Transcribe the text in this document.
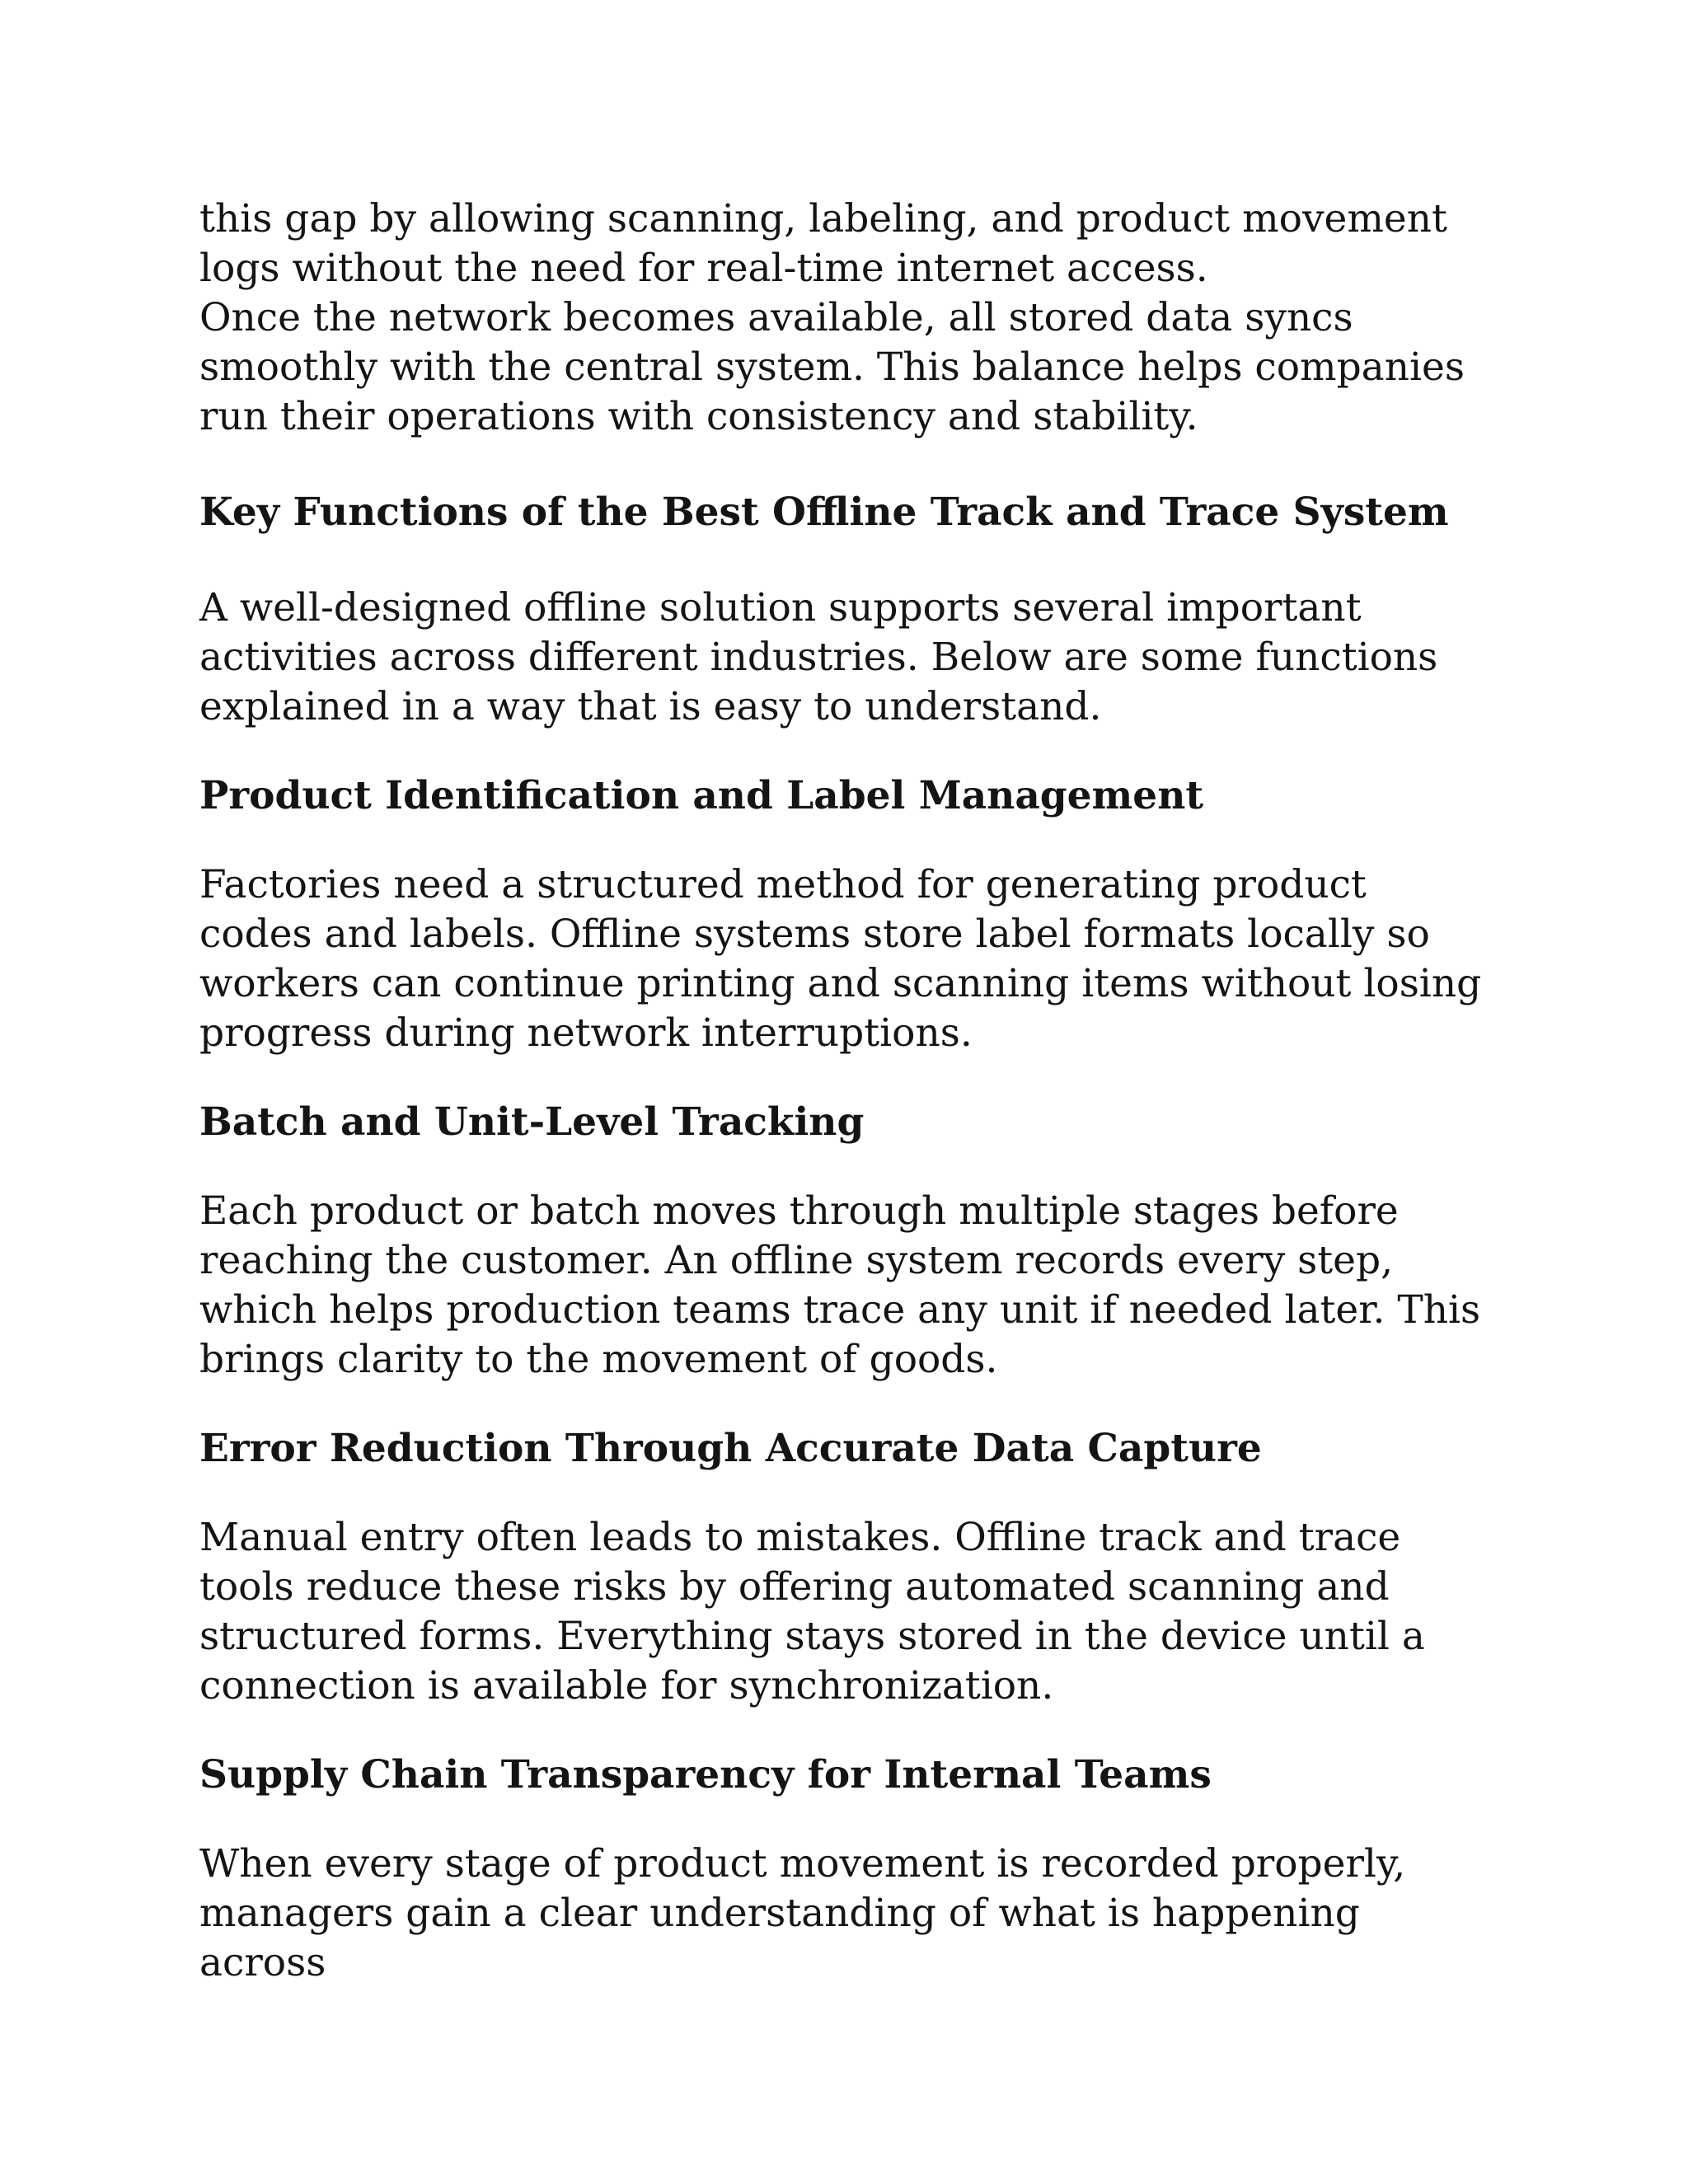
this gap by allowing scanning, labeling, and product movement logs without the need for real-time internet access.

Once the network becomes available, all stored data syncs smoothly with the central system. This balance helps companies run their operations with consistency and stability.

Key Functions of the Best Offline Track and Trace System

A well-designed offline solution supports several important activities across different industries. Below are some functions explained in a way that is easy to understand.

Product Identification and Label Management

Factories need a structured method for generating product codes and labels. Offline systems store label formats locally so workers can continue printing and scanning items without losing progress during network interruptions.

Batch and Unit-Level Tracking

Each product or batch moves through multiple stages before reaching the customer. An offline system records every step, which helps production teams trace any unit if needed later. This brings clarity to the movement of goods.

Error Reduction Through Accurate Data Capture

Manual entry often leads to mistakes. Offline track and trace tools reduce these risks by offering automated scanning and structured forms. Everything stays stored in the device until a connection is available for synchronization.

Supply Chain Transparency for Internal Teams

When every stage of product movement is recorded properly, managers gain a clear understanding of what is happening across
